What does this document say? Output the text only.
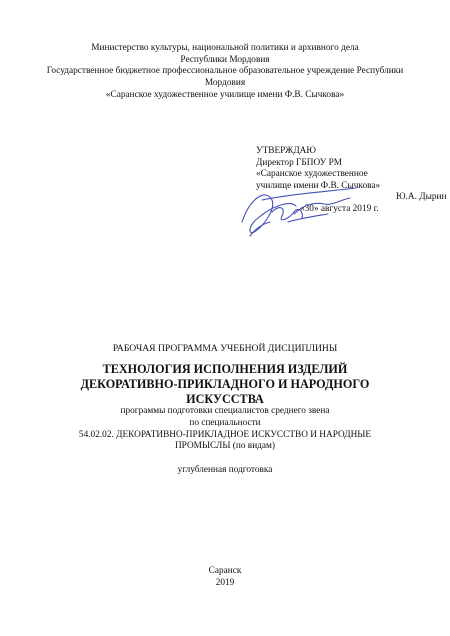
Министерство культуры, национальной политики и архивного дела
Республики Мордовия
Государственное бюджетное профессиональное образовательное учреждение Республики
Мордовия
«Саранское художественное училище имени Ф.В. Сычкова»
УТВЕРЖДАЮ
Директор ГБПОУ РМ
«Саранское художественное
училище имени Ф.В. Сычкова»
Ю.А. Дырин
«30» августа 2019 г.
РАБОЧАЯ ПРОГРАММА УЧЕБНОЙ ДИСЦИПЛИНЫ
ТЕХНОЛОГИЯ ИСПОЛНЕНИЯ ИЗДЕЛИЙ
ДЕКОРАТИВНО-ПРИКЛАДНОГО И НАРОДНОГО
ИСКУССТВА
программы подготовки специалистов среднего звена
по специальности
54.02.02. ДЕКОРАТИВНО-ПРИКЛАДНОЕ ИСКУССТВО И НАРОДНЫЕ
ПРОМЫСЛЫ (по видам)
углубленная подготовка
Саранск
2019
